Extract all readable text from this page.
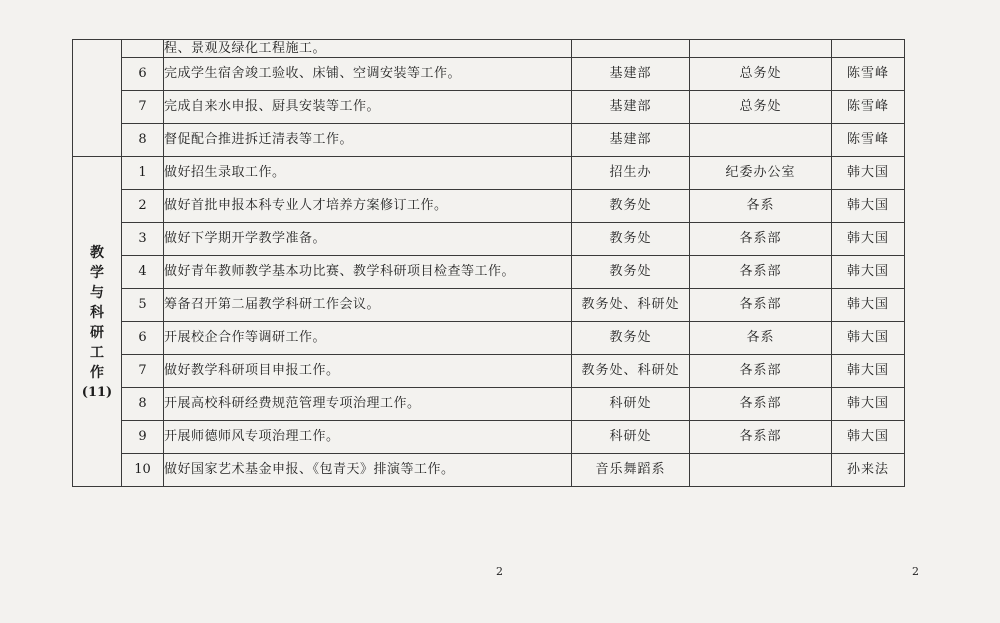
		程、景观及绿化工程施工。			
	6	完成学生宿舍竣工验收、床铺、空调安装等工作。	基建部	总务处	陈雪峰
	7	完成自来水申报、厨具安装等工作。	基建部	总务处	陈雪峰
	8	督促配合推进拆迁清表等工作。	基建部		陈雪峰
教学与科研工作
(11)	1	做好招生录取工作。	招生办	纪委办公室	韩大国
	2	做好首批申报本科专业人才培养方案修订工作。	教务处	各系	韩大国
	3	做好下学期开学教学准备。	教务处	各系部	韩大国
	4	做好青年教师教学基本功比赛、教学科研项目检查等工作。	教务处	各系部	韩大国
	5	筹备召开第二届教学科研工作会议。	教务处、科研处	各系部	韩大国
	6	开展校企合作等调研工作。	教务处	各系	韩大国
	7	做好教学科研项目申报工作。	教务处、科研处	各系部	韩大国
	8	开展高校科研经费规范管理专项治理工作。	科研处	各系部	韩大国
	9	开展师德师风专项治理工作。	科研处	各系部	韩大国
	10	做好国家艺术基金申报、《包青天》排演等工作。	音乐舞蹈系		孙来法
2	2
